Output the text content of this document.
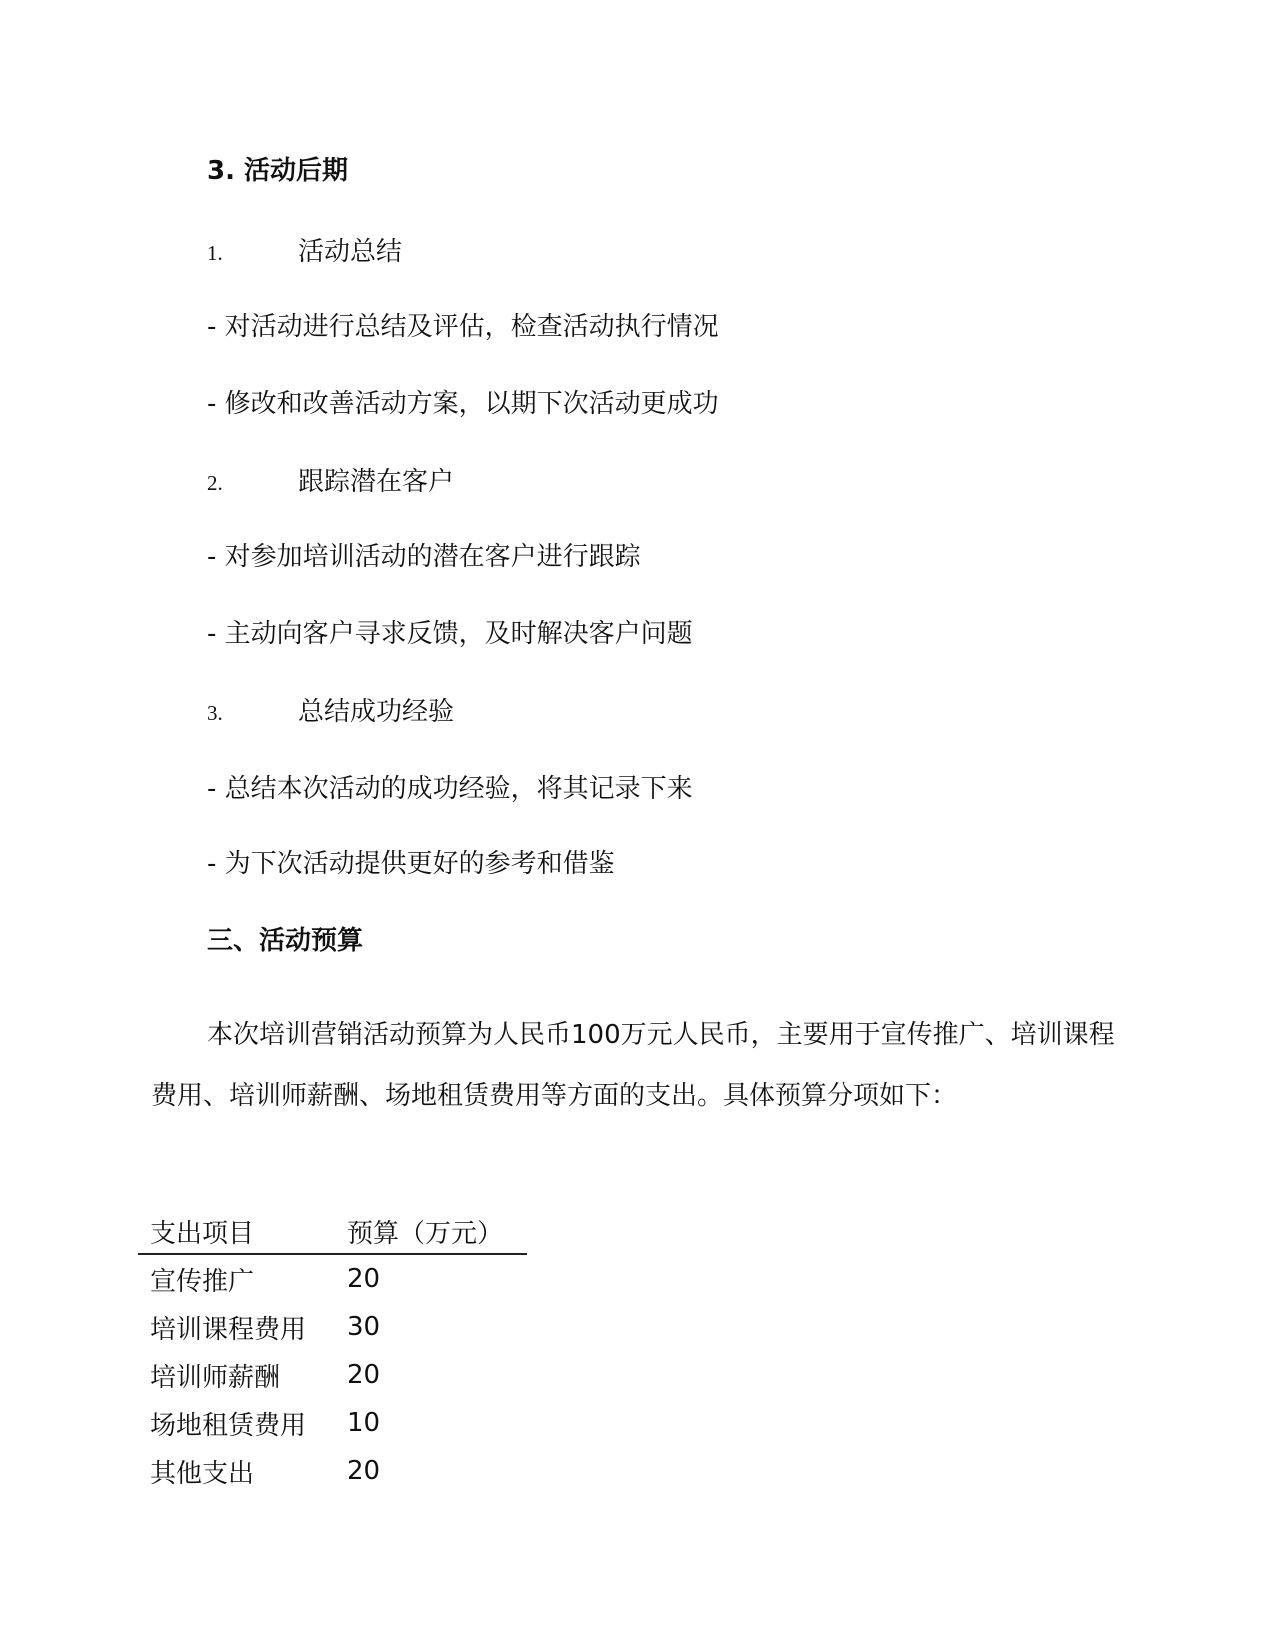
3. 活动后期
1.	活动总结
- 对活动进行总结及评估，检查活动执行情况
- 修改和改善活动方案，以期下次活动更成功
2.	跟踪潜在客户
- 对参加培训活动的潜在客户进行跟踪
- 主动向客户寻求反馈，及时解决客户问题
3.	总结成功经验
- 总结本次活动的成功经验，将其记录下来
- 为下次活动提供更好的参考和借鉴
三、活动预算

本次培训营销活动预算为人民币100万元人民币，主要用于宣传推广、培训课程费用、培训师薪酬、场地租赁费用等方面的支出。具体预算分项如下：

支出项目	预算（万元）
宣传推广	20
培训课程费用	30
培训师薪酬	20
场地租赁费用	10
其他支出	20
